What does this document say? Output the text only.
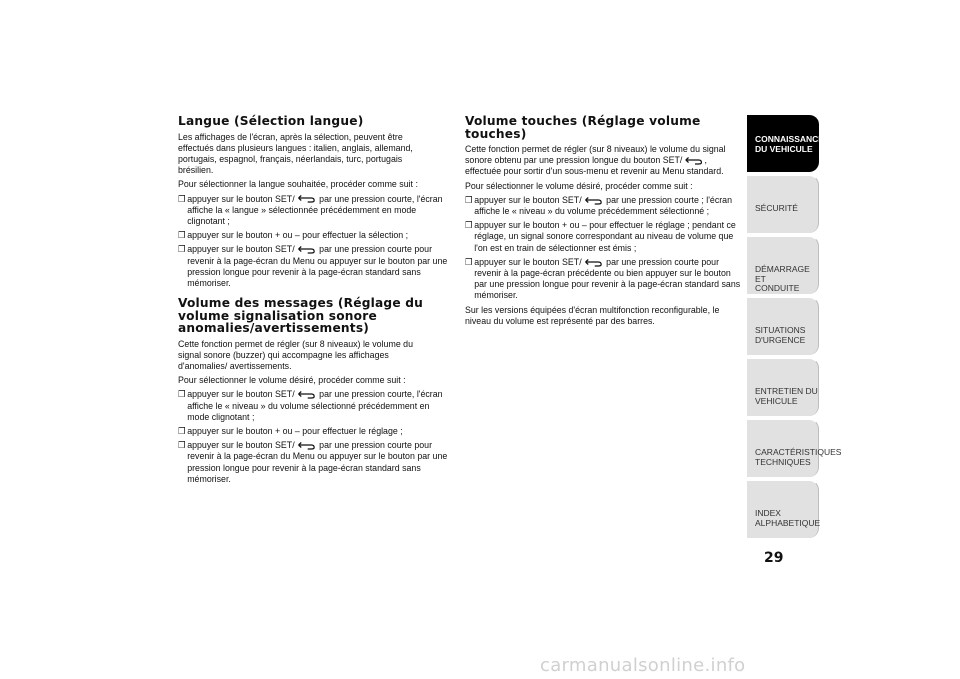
Langue (Sélection langue)

Les affichages de l'écran, après la sélection, peuvent être effectués dans plusieurs langues : italien, anglais, allemand, portugais, espagnol, français, néerlandais, turc, portugais brésilien.

Pour sélectionner la langue souhaitée, procéder comme suit :

❒ appuyer sur le bouton SET/ par une pression courte, l'écran affiche la « langue » sélectionnée précédemment en mode clignotant ;
❒ appuyer sur le bouton + ou – pour effectuer la sélection ;
❒ appuyer sur le bouton SET/ par une pression courte pour revenir à la page-écran du Menu ou appuyer sur le bouton par une pression longue pour revenir à la page-écran standard sans mémoriser.
Volume des messages (Réglage du volume signalisation sonore anomalies/avertissements)

Cette fonction permet de régler (sur 8 niveaux) le volume du signal sonore (buzzer) qui accompagne les affichages d'anomalies/ avertissements.

Pour sélectionner le volume désiré, procéder comme suit :

❒ appuyer sur le bouton SET/ par une pression courte, l'écran affiche le « niveau » du volume sélectionné précédemment en mode clignotant ;
❒ appuyer sur le bouton + ou – pour effectuer le réglage ;
❒ appuyer sur le bouton SET/ par une pression courte pour revenir à la page-écran du Menu ou appuyer sur le bouton par une pression longue pour revenir à la page-écran standard sans mémoriser.
Volume touches (Réglage volume touches)

Cette fonction permet de régler (sur 8 niveaux) le volume du signal sonore obtenu par une pression longue du bouton SET/ , effectuée pour sortir d'un sous-menu et revenir au Menu standard.

Pour sélectionner le volume désiré, procéder comme suit :

❒ appuyer sur le bouton SET/ par une pression courte ; l'écran affiche le « niveau » du volume précédemment sélectionné ;
❒ appuyer sur le bouton + ou – pour effectuer le réglage ; pendant ce réglage, un signal sonore correspondant au niveau de volume que l'on est en train de sélectionner est émis ;
❒ appuyer sur le bouton SET/ par une pression courte pour revenir à la page-écran précédente ou bien appuyer sur le bouton par une pression longue pour revenir à la page-écran standard sans mémoriser.

Sur les versions équipées d'écran multifonction reconfigurable, le niveau du volume est représenté par des barres.

CONNAISSANCE
DU VEHICULE
SÉCURITÉ
DÉMARRAGE ET
CONDUITE
SITUATIONS
D'URGENCE
ENTRETIEN DU
VEHICULE
CARACTÉRISTIQUES
TECHNIQUES
INDEX
ALPHABETIQUE
29
carmanualsonline.info
